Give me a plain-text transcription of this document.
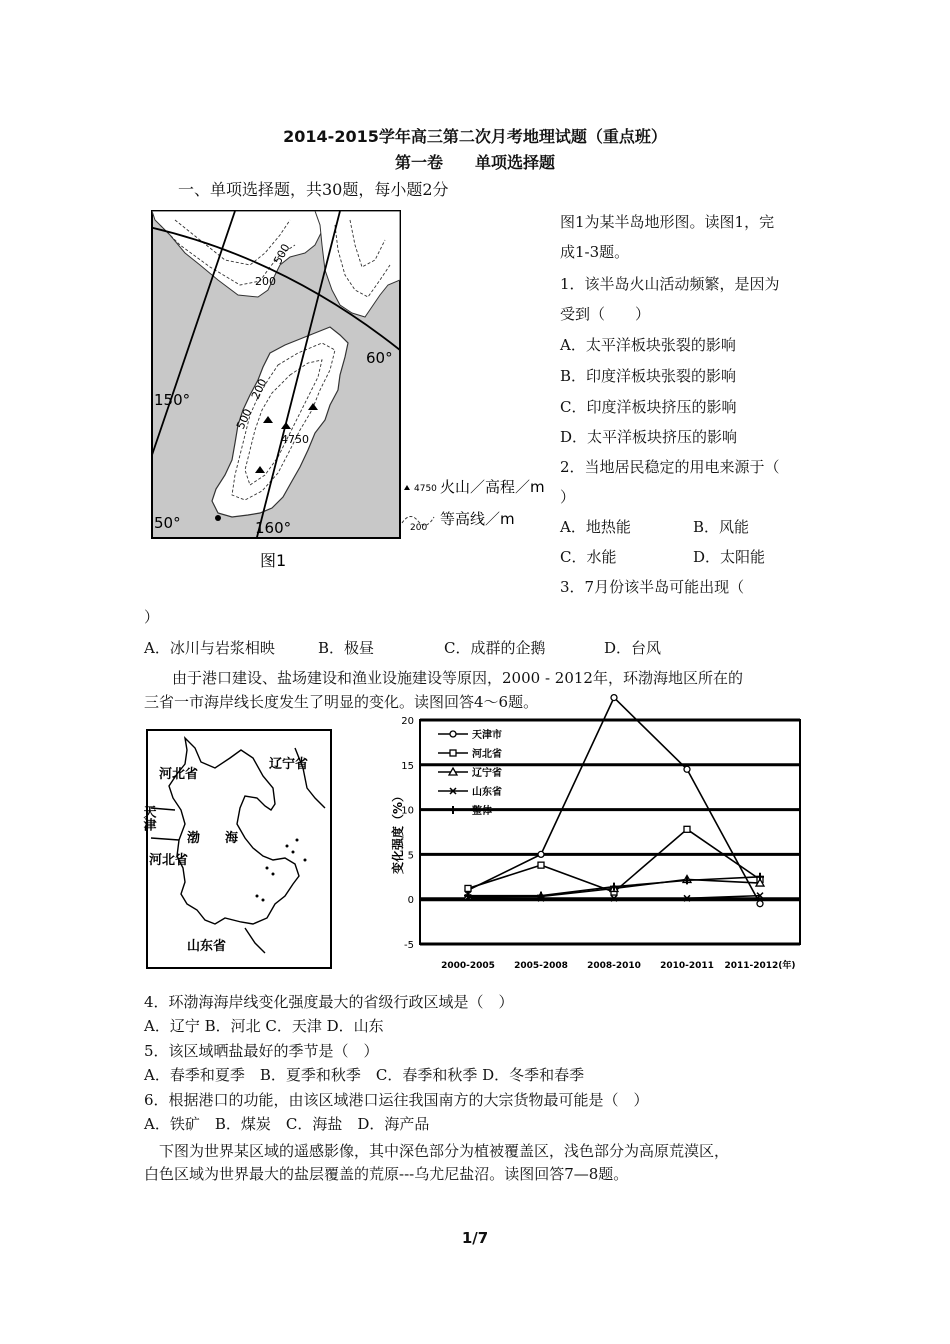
2014-2015学年高三第二次月考地理试题（重点班）
第一卷　　单项选择题
一、单项选择题，共30题，每小题2分
200
500
60°
150°
500
200
4750
50°	160°
图1
4750 火山／高程／m
200 等高线／m
图1为某半岛地形图。读图1，完
成1-3题。
1．该半岛火山活动频繁，是因为
受到（　　）
A．太平洋板块张裂的影响
B．印度洋板块张裂的影响
C．印度洋板块挤压的影响
D．太平洋板块挤压的影响
2．当地居民稳定的用电来源于（
）
A．地热能	B．风能
C．水能	D．太阳能
3．7月份该半岛可能出现（
）
A．冰川与岩浆相映	B．极昼	C．成群的企鹅	D．台风
由于港口建设、盐场建设和渔业设施建设等原因，2000 - 2012年，环渤海地区所在的
三省一市海岸线长度发生了明显的变化。读图回答4～6题。
河北省
天津
河北省
辽宁省
渤 海
山东省	-5
0
5
10
15
20
变化强度（%）
2000-2005 2005-2008 2008-2010 2010-2011 2011-2012(年)
天津市
河北省
辽宁省
山东省
整体
4．环渤海海岸线变化强度最大的省级行政区域是（　）
A．辽宁 B．河北 C．天津 D．山东
5．该区域晒盐最好的季节是（　）
A．春季和夏季　B．夏季和秋季　C．春季和秋季 D．冬季和春季
6．根据港口的功能，由该区域港口运往我国南方的大宗货物最可能是（　）
A．铁矿　B．煤炭　C．海盐　D．海产品
下图为世界某区域的遥感影像，其中深色部分为植被覆盖区，浅色部分为高原荒漠区，
白色区域为世界最大的盐层覆盖的荒原---乌尤尼盐沼。读图回答7—8题。
1/7
